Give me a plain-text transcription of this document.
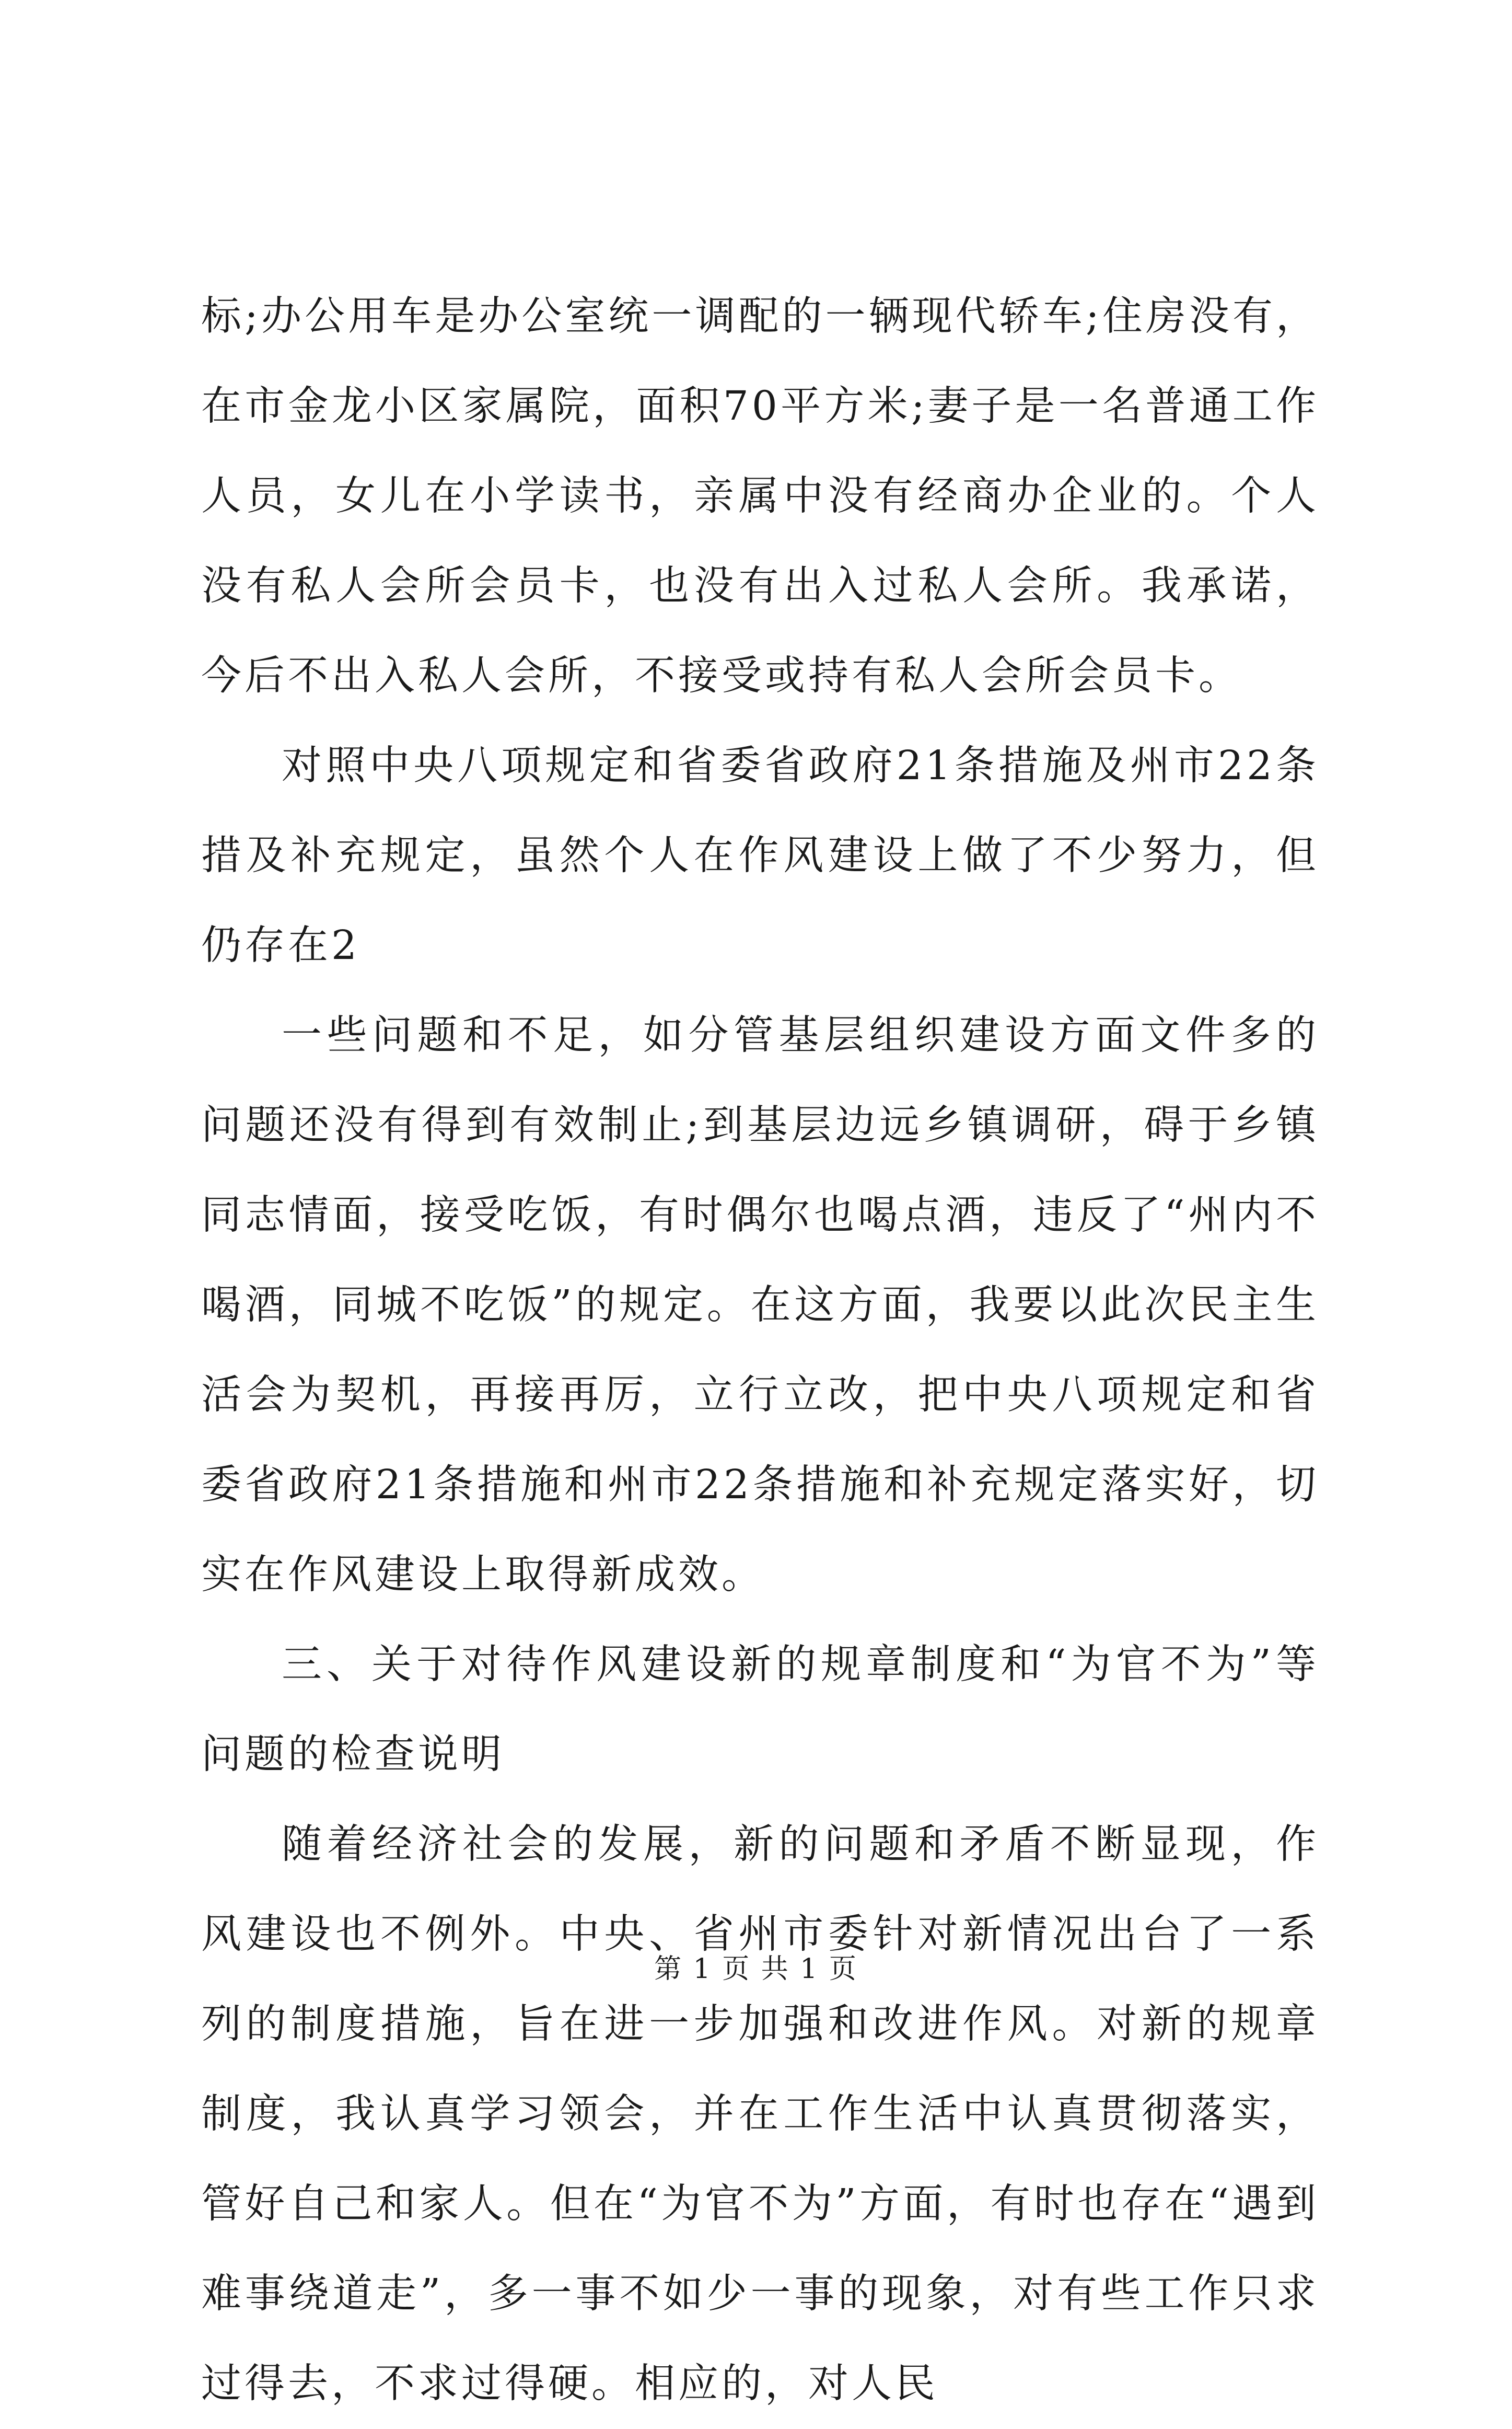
标;办公用车是办公室统一调配的一辆现代轿车;住房没有，在市金龙小区家属院，面积70平方米;妻子是一名普通工作人员，女儿在小学读书，亲属中没有经商办企业的。个人没有私人会所会员卡，也没有出入过私人会所。我承诺，今后不出入私人会所，不接受或持有私人会所会员卡。

对照中央八项规定和省委省政府21条措施及州市22条措及补充规定，虽然个人在作风建设上做了不少努力，但仍存在2

一些问题和不足，如分管基层组织建设方面文件多的问题还没有得到有效制止;到基层边远乡镇调研，碍于乡镇同志情面，接受吃饭，有时偶尔也喝点酒，违反了“州内不喝酒，同城不吃饭”的规定。在这方面，我要以此次民主生活会为契机，再接再厉，立行立改，把中央八项规定和省委省政府21条措施和州市22条措施和补充规定落实好，切实在作风建设上取得新成效。

三、关于对待作风建设新的规章制度和“为官不为”等问题的检查说明

随着经济社会的发展，新的问题和矛盾不断显现，作风建设也不例外。中央、省州市委针对新情况出台了一系列的制度措施，旨在进一步加强和改进作风。对新的规章制度，我认真学习领会，并在工作生活中认真贯彻落实，管好自己和家人。但在“为官不为”方面，有时也存在“遇到难事绕道走”，多一事不如少一事的现象，对有些工作只求过得去，不求过得硬。相应的，对人民

第 1 页 共 1 页
